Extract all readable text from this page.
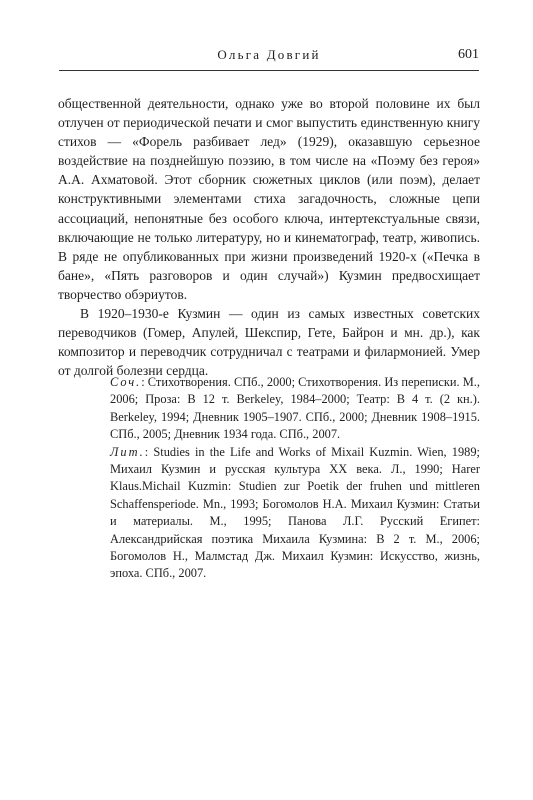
Ольга Довгий	601

общественной деятельности, однако уже во второй половине их был отлучен от периодической печати и смог выпустить единственную книгу стихов — «Форель разбивает лед» (1929), оказавшую серьезное воздействие на позднейшую поэзию, в том числе на «Поэму без героя» А.А. Ахматовой. Этот сборник сюжетных циклов (или поэм), делает конструктивными элементами стиха загадочность, сложные цепи ассоциаций, непонятные без особого ключа, интертекстуальные связи, включающие не только литературу, но и кинематограф, театр, живопись. В ряде не опубликованных при жизни произведений 1920-х («Печка в бане», «Пять разговоров и один случай») Кузмин предвосхищает творчество обэриутов.

В 1920–1930-е Кузмин — один из самых известных советских переводчиков (Гомер, Апулей, Шекспир, Гете, Байрон и мн. др.), как композитор и переводчик сотрудничал с театрами и филармонией. Умер от долгой болезни сердца.

Соч.: Стихотворения. СПб., 2000; Стихотворения. Из переписки. М., 2006; Проза: В 12 т. Berkeley, 1984–2000; Театр: В 4 т. (2 кн.). Berkeley, 1994; Дневник 1905–1907. СПб., 2000; Дневник 1908–1915. СПб., 2005; Дневник 1934 года. СПб., 2007.

Лит.: Studies in the Life and Works of Mixail Kuzmin. Wien, 1989; Михаил Кузмин и русская культура XX века. Л., 1990; Harer Klaus.Michail Kuzmin: Studien zur Poetik der fruhen und mittleren Schaffensperiode. Mn., 1993; Богомолов Н.А. Михаил Кузмин: Статьи и материалы. М., 1995; Панова Л.Г. Русский Египет: Александрийская поэтика Михаила Кузмина: В 2 т. М., 2006; Богомолов Н., Малмстад Дж. Михаил Кузмин: Искусство, жизнь, эпоха. СПб., 2007.
